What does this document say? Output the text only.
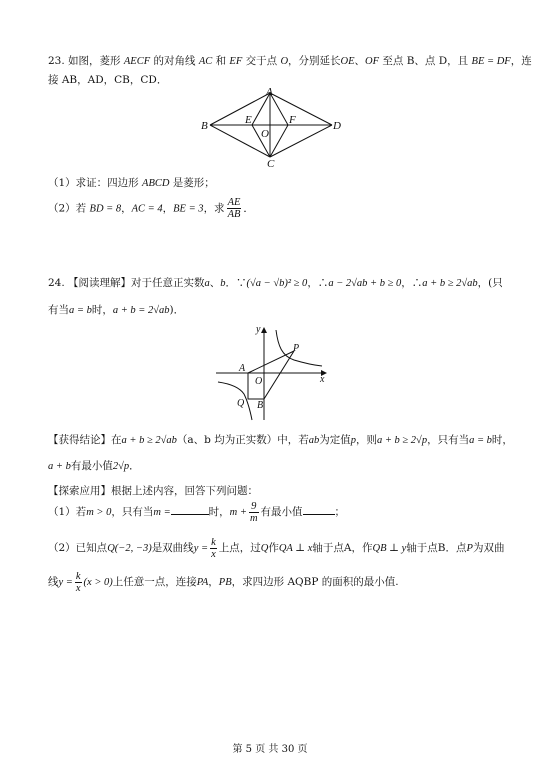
23. 如图，菱形 AECF 的对角线 AC 和 EF 交于点 O，分别延长OE、OF 至点 B、点 D，且 BE = DF，连
接 AB，AD，CB，CD．
A
B
C
D
E	F
O
（1）求证：四边形 ABCD 是菱形；
（2）若 BD = 8，AC = 4，BE = 3，求 $\frac{AE}{AB}$ ．
24. 【阅读理解】对于任意正实数a、b．∵(√a − √b)² ≥ 0，∴a − 2√ab + b ≥ 0，∴a + b ≥ 2√ab，(只
有当a = b时，a + b = 2√ab)．
y
x
P
A
O
Q B
【获得结论】在a + b ≥ 2√ab（a、b 均为正实数）中，若ab为定值p，则a + b ≥ 2√p，只有当a = b时，
a + b有最小值2√p．
【探索应用】根据上述内容，回答下列问题：
（1）若m > 0，只有当m =	时，$m + \frac{9}{m}$ 有最小值	；
（2）已知点Q(−2, −3)是双曲线$y = \frac{k}{x}$ 上点，过Q作QA ⊥ x轴于点A，作QB ⊥ y轴于点B．点P为双曲
线$y = \frac{k}{x} (x > 0)$上任意一点，连接PA，PB，求四边形 AQBP 的面积的最小值.
第 5 页 共 30 页
